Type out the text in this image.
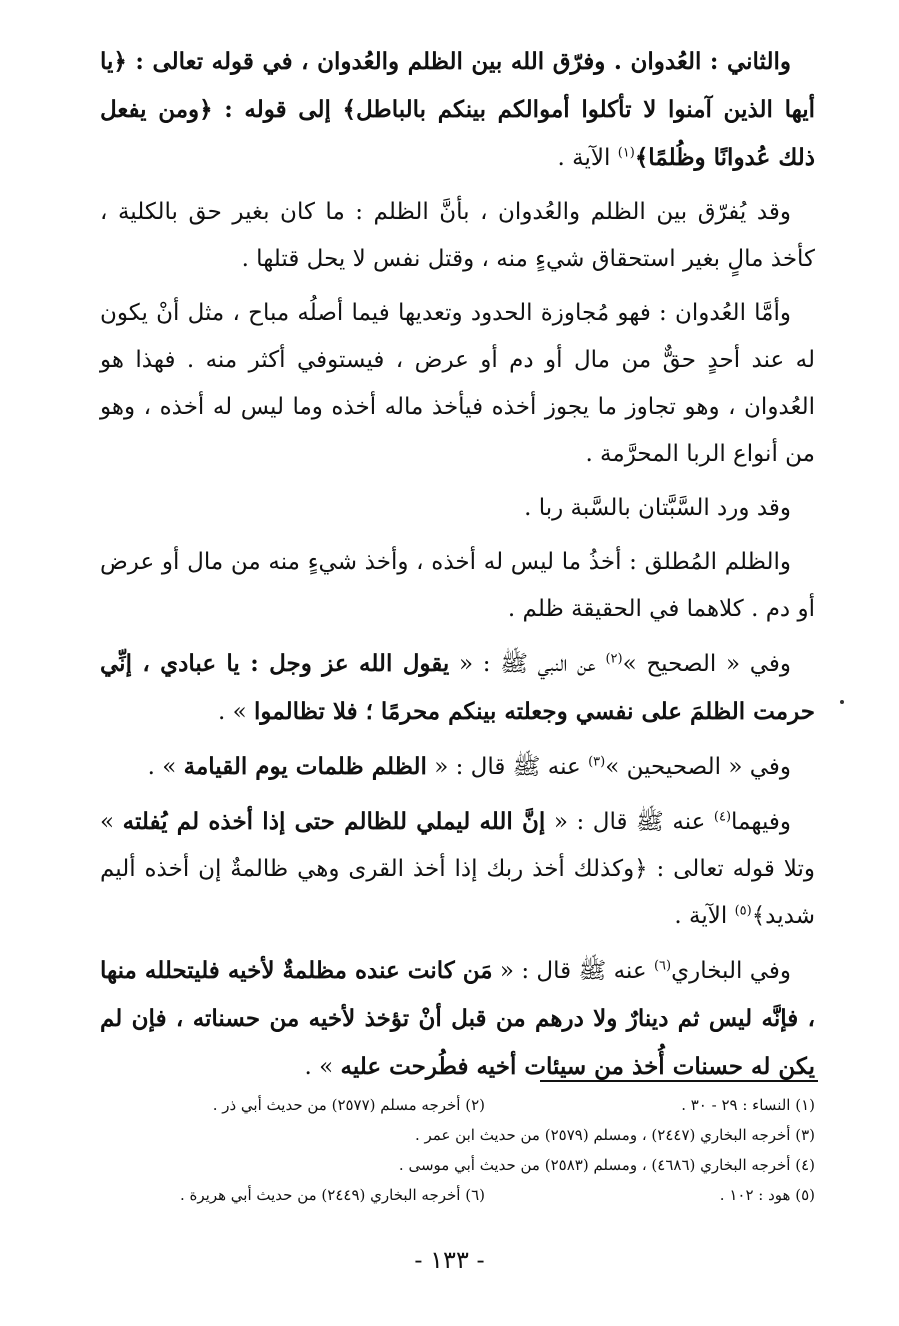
والثاني : العُدوان . وفرّق الله بين الظلم والعُدوان ، في قوله تعالى : ﴿يا أيها الذين آمنوا لا تأكلوا أموالكم بينكم بالباطل﴾ إلى قوله : ﴿ومن يفعل ذلك عُدوانًا وظُلمًا﴾$^{(١)}$ الآية .

وقد يُفرّق بين الظلم والعُدوان ، بأنَّ الظلم : ما كان بغير حق بالكلية ، كأخذ مالٍ بغير استحقاق شيءٍ منه ، وقتل نفس لا يحل قتلها .

وأمَّا العُدوان : فهو مُجاوزة الحدود وتعديها فيما أصلُه مباح ، مثل أنْ يكون له عند أحدٍ حقٌّ من مال أو دم أو عرض ، فيستوفي أكثر منه . فهذا هو العُدوان ، وهو تجاوز ما يجوز أخذه فيأخذ ماله أخذه وما ليس له أخذه ، وهو من أنواع الربا المحرَّمة .

وقد ورد السَّبَّتان بالسَّبة ربا .

والظلم المُطلق : أخذُ ما ليس له أخذه ، وأخذ شيءٍ منه من مال أو عرض أو دم . كلاهما في الحقيقة ظلم .

وفي « الصحيح »$^{(٢)}$ عن النبي ﷺ : « يقول الله عز وجل : يا عبادي ، إنِّي حرمت الظلمَ على نفسي وجعلته بينكم محرمًا ؛ فلا تظالموا » .

وفي « الصحيحين »$^{(٣)}$ عنه ﷺ قال : « الظلم ظلمات يوم القيامة » .

وفيهما$^{(٤)}$ عنه ﷺ قال : « إنَّ الله ليملي للظالم حتى إذا أخذه لم يُفلته » وتلا قوله تعالى : ﴿وكذلك أخذ ربك إذا أخذ القرى وهي ظالمةٌ إن أخذه أليم شديد﴾$^{(٥)}$ الآية .

وفي البخاري$^{(٦)}$ عنه ﷺ قال : « مَن كانت عنده مظلمةٌ لأخيه فليتحلله منها ، فإنَّه ليس ثم دينارٌ ولا درهم من قبل أنْ تؤخذ لأخيه من حسناته ، فإن لم يكن له حسنات أُخذ من سيئات أخيه فطُرحت عليه » .

(١) النساء : ٢٩ - ٣٠ .
(٢) أخرجه مسلم (٢٥٧٧) من حديث أبي ذر .
(٣) أخرجه البخاري (٢٤٤٧) ، ومسلم (٢٥٧٩) من حديث ابن عمر .
(٤) أخرجه البخاري (٤٦٨٦) ، ومسلم (٢٥٨٣) من حديث أبي موسى .
(٥) هود : ١٠٢ .
(٦) أخرجه البخاري (٢٤٤٩) من حديث أبي هريرة .
- ١٣٣ -
